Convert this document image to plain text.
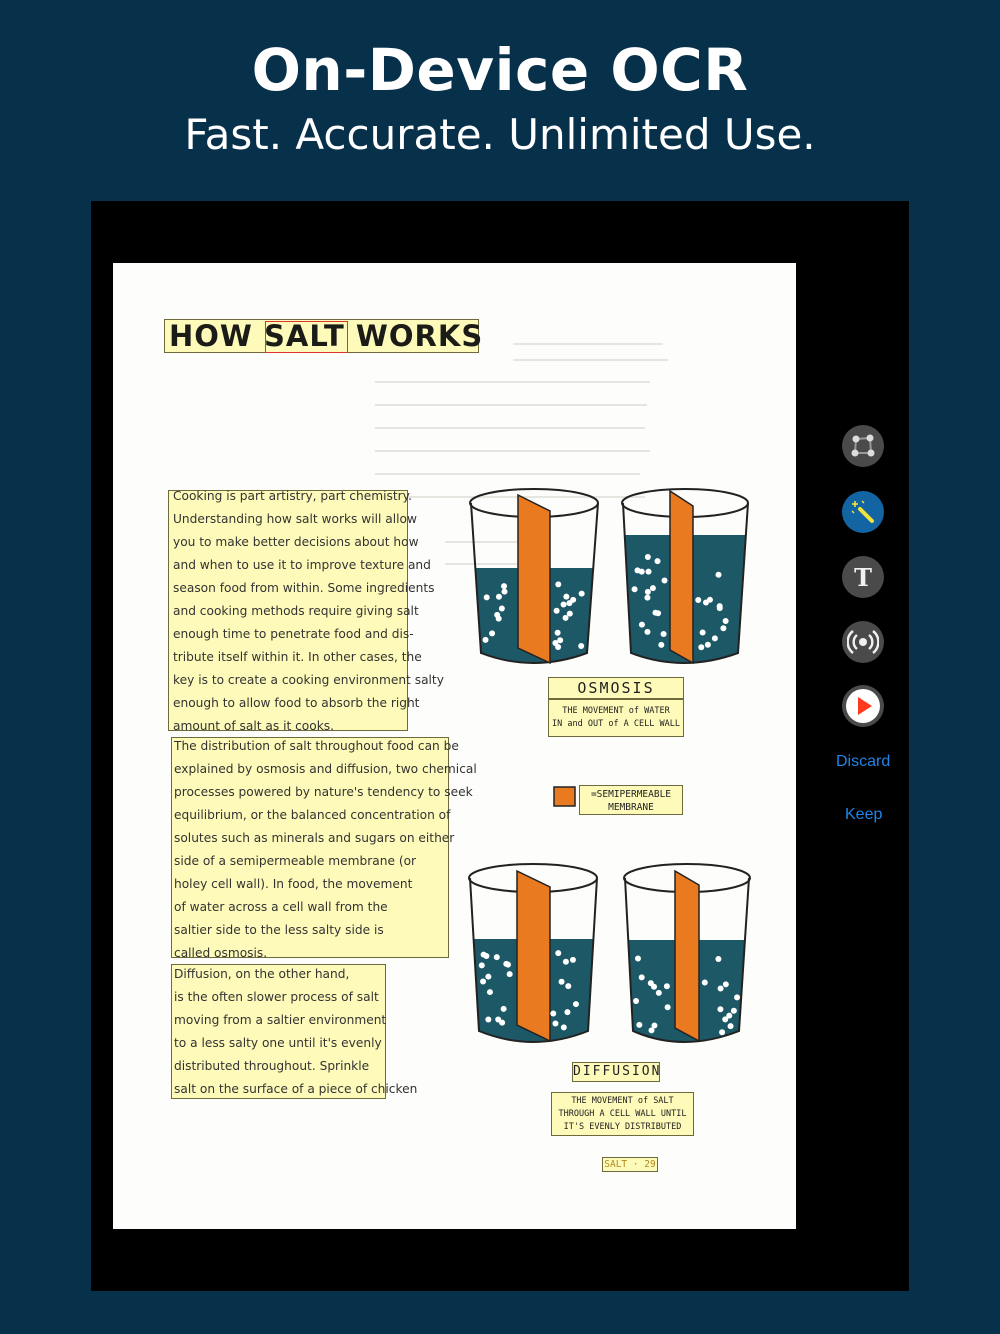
On-Device OCR
Fast. Accurate. Unlimited Use.
HOW SALT WORKS
Cooking is part artistry, part chemistry.
Understanding how salt works will allow
you to make better decisions about how
and when to use it to improve texture and
season food from within. Some ingredients
and cooking methods require giving salt
enough time to penetrate food and dis-
tribute itself within it. In other cases, the
key is to create a cooking environment salty
enough to allow food to absorb the right
amount of salt as it cooks.
The distribution of salt throughout food can be
explained by osmosis and diffusion, two chemical
processes powered by nature's tendency to seek
equilibrium, or the balanced concentration of
solutes such as minerals and sugars on either
side of a semipermeable membrane (or
holey cell wall). In food, the movement
of water across a cell wall from the
saltier side to the less salty side is
called osmosis.
Diffusion, on the other hand,
is the often slower process of salt
moving from a saltier environment
to a less salty one until it's evenly
distributed throughout. Sprinkle
salt on the surface of a piece of chicken
OSMOSIS
THE MOVEMENT of WATER
IN and OUT of A CELL WALL
=SEMIPERMEABLE
MEMBRANE
DIFFUSION
THE MOVEMENT of SALT
THROUGH A CELL WALL UNTIL
IT'S EVENLY DISTRIBUTED
SALT · 29
T
Discard
Keep
